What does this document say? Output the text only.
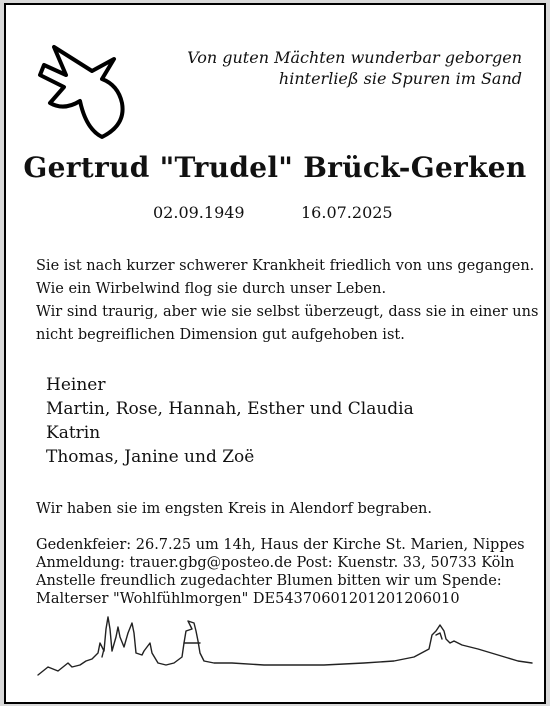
Von guten Mächten wunderbar geborgen
hinterließ sie Spuren im Sand
Gertrud "Trudel" Brück-Gerken
02.09.1949	16.07.2025
Sie ist nach kurzer schwerer Krankheit friedlich von uns gegangen.
Wie ein Wirbelwind flog sie durch unser Leben.
Wir sind traurig, aber wie sie selbst überzeugt, dass sie in einer uns
nicht begreiflichen Dimension gut aufgehoben ist.
Heiner
Martin, Rose, Hannah, Esther und Claudia
Katrin
Thomas, Janine und Zoë
Wir haben sie im engsten Kreis in Alendorf begraben.
Gedenkfeier: 26.7.25 um 14h, Haus der Kirche St. Marien, Nippes
Anmeldung: trauer.gbg@posteo.de Post: Kuenstr. 33, 50733 Köln
Anstelle freundlich zugedachter Blumen bitten wir um Spende:
Malterser "Wohlfühlmorgen" DE54370601201201206010
